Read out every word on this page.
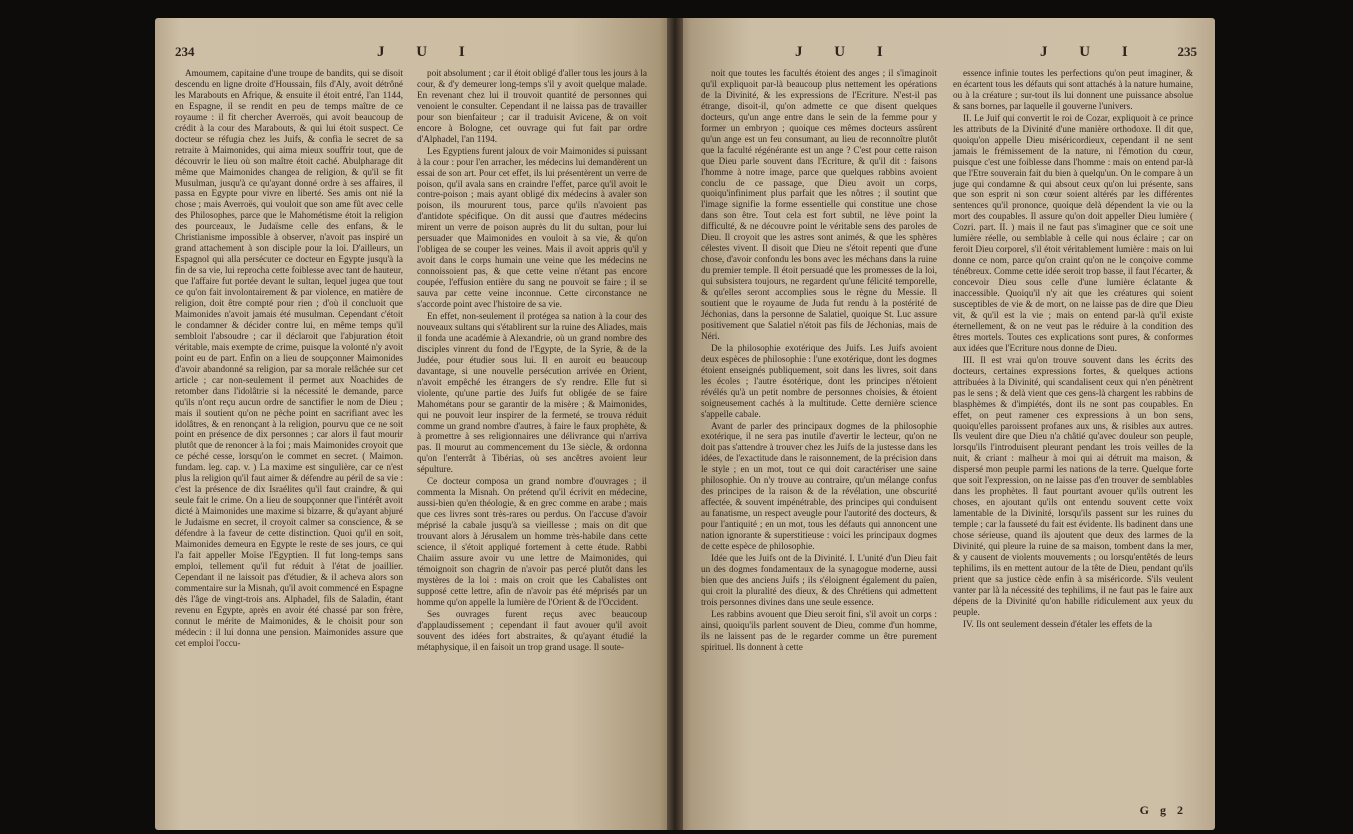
234	J U I

Amoumem, capitaine d'une troupe de bandits, qui se disoit descendu en ligne droite d'Houssain, fils d'Aly, avoit détrôné les Marabouts en Afrique, & ensuite il étoit entré, l'an 1144, en Espagne, il se rendit en peu de temps maître de ce royaume : il fit chercher Averroës, qui avoit beaucoup de crédit à la cour des Marabouts, & qui lui étoit suspect. Ce docteur se réfugia chez les Juifs, & confia le secret de sa retraite à Maimonides, qui aima mieux souffrir tout, que de découvrir le lieu où son maître étoit caché. Abulpharage dit même que Maimonides changea de religion, & qu'il se fit Musulman, jusqu'à ce qu'ayant donné ordre à ses affaires, il passa en Egypte pour vivre en liberté. Ses amis ont nié la chose ; mais Averroës, qui vouloit que son ame fût avec celle des Philosophes, parce que le Mahométisme étoit la religion des pourceaux, le Judaïsme celle des enfans, & le Christianisme impossible à observer, n'avoit pas inspiré un grand attachement à son disciple pour la loi. D'ailleurs, un Espagnol qui alla persécuter ce docteur en Egypte jusqu'à la fin de sa vie, lui reprocha cette foiblesse avec tant de hauteur, que l'affaire fut portée devant le sultan, lequel jugea que tout ce qu'on fait involontairement & par violence, en matière de religion, doit être compté pour rien ; d'où il concluoit que Maimonides n'avoit jamais été musulman. Cependant c'étoit le condamner & décider contre lui, en même temps qu'il sembloit l'absoudre ; car il déclaroit que l'abjuration étoit véritable, mais exempte de crime, puisque la volonté n'y avoit point eu de part. Enfin on a lieu de soupçonner Maimonides d'avoir abandonné sa religion, par sa morale relâchée sur cet article ; car non-seulement il permet aux Noachides de retomber dans l'idolâtrie si la nécessité le demande, parce qu'ils n'ont reçu aucun ordre de sanctifier le nom de Dieu ; mais il soutient qu'on ne pèche point en sacrifiant avec les idolâtres, & en renonçant à la religion, pourvu que ce ne soit point en présence de dix personnes ; car alors il faut mourir plutôt que de renoncer à la foi ; mais Maimonides croyoit que ce péché cesse, lorsqu'on le commet en secret. ( Maimon. fundam. leg. cap. v. ) La maxime est singulière, car ce n'est plus la religion qu'il faut aimer & défendre au péril de sa vie : c'est la présence de dix Israélites qu'il faut craindre, & qui seule fait le crime. On a lieu de soupçonner que l'intérêt avoit dicté à Maimonides une maxime si bizarre, & qu'ayant abjuré le Judaïsme en secret, il croyoit calmer sa conscience, & se défendre à la faveur de cette distinction. Quoi qu'il en soit, Maimonides demeura en Egypte le reste de ses jours, ce qui l'a fait appeller Moïse l'Egyptien. Il fut long-temps sans emploi, tellement qu'il fut réduit à l'état de joaillier. Cependant il ne laissoit pas d'étudier, & il acheva alors son commentaire sur la Misnah, qu'il avoit commencé en Espagne dès l'âge de vingt-trois ans. Alphadel, fils de Saladin, étant revenu en Egypte, après en avoir été chassé par son frère, connut le mérite de Maimonides, & le choisit pour son médecin : il lui donna une pension. Maimonides assure que cet emploi l'occu-

poit absolument ; car il étoit obligé d'aller tous les jours à la cour, & d'y demeurer long-temps s'il y avoit quelque malade. En revenant chez lui il trouvoit quantité de personnes qui venoient le consulter. Cependant il ne laissa pas de travailler pour son bienfaiteur ; car il traduisit Avicene, & on voit encore à Bologne, cet ouvrage qui fut fait par ordre d'Alphadel, l'an 1194.

Les Egyptiens furent jaloux de voir Maimonides si puissant à la cour : pour l'en arracher, les médecins lui demandèrent un essai de son art. Pour cet effet, ils lui présentèrent un verre de poison, qu'il avala sans en craindre l'effet, parce qu'il avoit le contre-poison ; mais ayant obligé dix médecins à avaler son poison, ils moururent tous, parce qu'ils n'avoient pas d'antidote spécifique. On dit aussi que d'autres médecins mirent un verre de poison auprès du lit du sultan, pour lui persuader que Maimonides en vouloit à sa vie, & qu'on l'obligea de se couper les veines. Mais il avoit appris qu'il y avoit dans le corps humain une veine que les médecins ne connoissoient pas, & que cette veine n'étant pas encore coupée, l'effusion entière du sang ne pouvoit se faire ; il se sauva par cette veine inconnue. Cette circonstance ne s'accorde point avec l'histoire de sa vie.

En effet, non-seulement il protégea sa nation à la cour des nouveaux sultans qui s'établirent sur la ruine des Aliades, mais il fonda une académie à Alexandrie, où un grand nombre des disciples vinrent du fond de l'Egypte, de la Syrie, & de la Judée, pour étudier sous lui. Il en auroit eu beaucoup davantage, si une nouvelle persécution arrivée en Orient, n'avoit empêché les étrangers de s'y rendre. Elle fut si violente, qu'une partie des Juifs fut obligée de se faire Mahométans pour se garantir de la misère ; & Maimonides, qui ne pouvoit leur inspirer de la fermeté, se trouva réduit comme un grand nombre d'autres, à faire le faux prophète, & à promettre à ses religionnaires une délivrance qui n'arriva pas. Il mourut au commencement du 13e siècle, & ordonna qu'on l'enterrât à Tibérias, où ses ancêtres avoient leur sépulture.

Ce docteur composa un grand nombre d'ouvrages ; il commenta la Misnah. On prétend qu'il écrivit en médecine, aussi-bien qu'en théologie, & en grec comme en arabe ; mais que ces livres sont très-rares ou perdus. On l'accuse d'avoir méprisé la cabale jusqu'à sa vieillesse ; mais on dit que trouvant alors à Jérusalem un homme très-habile dans cette science, il s'étoit appliqué fortement à cette étude. Rabbi Chaiim assure avoir vu une lettre de Maimonides, qui témoignoit son chagrin de n'avoir pas percé plutôt dans les mystères de la loi : mais on croit que les Cabalistes ont supposé cette lettre, afin de n'avoir pas été méprisés par un homme qu'on appelle la lumière de l'Orient & de l'Occident.

Ses ouvrages furent reçus avec beaucoup d'applaudissement ; cependant il faut avouer qu'il avoit souvent des idées fort abstraites, & qu'ayant étudié la métaphysique, il en faisoit un trop grand usage. Il soute-

J U I	J U I	235

noit que toutes les facultés étoient des anges ; il s'imaginoit qu'il expliquoit par-là beaucoup plus nettement les opérations de la Divinité, & les expressions de l'Ecriture. N'est-il pas étrange, disoit-il, qu'on admette ce que disent quelques docteurs, qu'un ange entre dans le sein de la femme pour y former un embryon ; quoique ces mêmes docteurs assûrent qu'un ange est un feu consumant, au lieu de reconnoître plutôt que la faculté régénérante est un ange ? C'est pour cette raison que Dieu parle souvent dans l'Ecriture, & qu'il dit : faisons l'homme à notre image, parce que quelques rabbins avoient conclu de ce passage, que Dieu avoit un corps, quoiqu'infiniment plus parfait que les nôtres ; il soutint que l'image signifie la forme essentielle qui constitue une chose dans son être. Tout cela est fort subtil, ne lève point la difficulté, & ne découvre point le véritable sens des paroles de Dieu. Il croyoit que les astres sont animés, & que les sphères célestes vivent. Il disoit que Dieu ne s'étoit repenti que d'une chose, d'avoir confondu les bons avec les méchans dans la ruine du premier temple. Il étoit persuadé que les promesses de la loi, qui subsistera toujours, ne regardent qu'une félicité temporelle, & qu'elles seront accomplies sous le règne du Messie. Il soutient que le royaume de Juda fut rendu à la postérité de Jéchonias, dans la personne de Salatiel, quoique St. Luc assure positivement que Salatiel n'étoit pas fils de Jéchonias, mais de Néri.

De la philosophie exotérique des Juifs. Les Juifs avoient deux espèces de philosophie : l'une exotérique, dont les dogmes étoient enseignés publiquement, soit dans les livres, soit dans les écoles ; l'autre ésotérique, dont les principes n'étoient révélés qu'à un petit nombre de personnes choisies, & étoient soigneusement cachés à la multitude. Cette dernière science s'appelle cabale.

Avant de parler des principaux dogmes de la philosophie exotérique, il ne sera pas inutile d'avertir le lecteur, qu'on ne doit pas s'attendre à trouver chez les Juifs de la justesse dans les idées, de l'exactitude dans le raisonnement, de la précision dans le style ; en un mot, tout ce qui doit caractériser une saine philosophie. On n'y trouve au contraire, qu'un mélange confus des principes de la raison & de la révélation, une obscurité affectée, & souvent impénétrable, des principes qui conduisent au fanatisme, un respect aveugle pour l'autorité des docteurs, & pour l'antiquité ; en un mot, tous les défauts qui annoncent une nation ignorante & superstitieuse : voici les principaux dogmes de cette espèce de philosophie.

Idée que les Juifs ont de la Divinité. I. L'unité d'un Dieu fait un des dogmes fondamentaux de la synagogue moderne, aussi bien que des anciens Juifs ; ils s'éloignent également du païen, qui croit la pluralité des dieux, & des Chrétiens qui admettent trois personnes divines dans une seule essence.

Les rabbins avouent que Dieu seroit fini, s'il avoit un corps : ainsi, quoiqu'ils parlent souvent de Dieu, comme d'un homme, ils ne laissent pas de le regarder comme un être purement spirituel. Ils donnent à cette

essence infinie toutes les perfections qu'on peut imaginer, & en écartent tous les défauts qui sont attachés à la nature humaine, ou à la créature ; sur-tout ils lui donnent une puissance absolue & sans bornes, par laquelle il gouverne l'univers.

II. Le Juif qui convertit le roi de Cozar, expliquoit à ce prince les attributs de la Divinité d'une manière orthodoxe. Il dit que, quoiqu'on appelle Dieu miséricordieux, cependant il ne sent jamais le frémissement de la nature, ni l'émotion du cœur, puisque c'est une foiblesse dans l'homme : mais on entend par-là que l'Etre souverain fait du bien à quelqu'un. On le compare à un juge qui condamne & qui absout ceux qu'on lui présente, sans que son esprit ni son cœur soient altérés par les différentes sentences qu'il prononce, quoique delà dépendent la vie ou la mort des coupables. Il assure qu'on doit appeller Dieu lumière ( Cozri. part. II. ) mais il ne faut pas s'imaginer que ce soit une lumière réelle, ou semblable à celle qui nous éclaire ; car on feroit Dieu corporel, s'il étoit véritablement lumière : mais on lui donne ce nom, parce qu'on craint qu'on ne le conçoive comme ténébreux. Comme cette idée seroit trop basse, il faut l'écarter, & concevoir Dieu sous celle d'une lumière éclatante & inaccessible. Quoiqu'il n'y ait que les créatures qui soient susceptibles de vie & de mort, on ne laisse pas de dire que Dieu vit, & qu'il est la vie ; mais on entend par-là qu'il existe éternellement, & on ne veut pas le réduire à la condition des êtres mortels. Toutes ces explications sont pures, & conformes aux idées que l'Ecriture nous donne de Dieu.

III. Il est vrai qu'on trouve souvent dans les écrits des docteurs, certaines expressions fortes, & quelques actions attribuées à la Divinité, qui scandalisent ceux qui n'en pénètrent pas le sens ; & delà vient que ces gens-là chargent les rabbins de blasphèmes & d'impiétés, dont ils ne sont pas coupables. En effet, on peut ramener ces expressions à un bon sens, quoiqu'elles paroissent profanes aux uns, & risibles aux autres. Ils veulent dire que Dieu n'a châtié qu'avec douleur son peuple, lorsqu'ils l'introduisent pleurant pendant les trois veilles de la nuit, & criant : malheur à moi qui ai détruit ma maison, & dispersé mon peuple parmi les nations de la terre. Quelque forte que soit l'expression, on ne laisse pas d'en trouver de semblables dans les prophètes. Il faut pourtant avouer qu'ils outrent les choses, en ajoutant qu'ils ont entendu souvent cette voix lamentable de la Divinité, lorsqu'ils passent sur les ruines du temple ; car la fausseté du fait est évidente. Ils badinent dans une chose sérieuse, quand ils ajoutent que deux des larmes de la Divinité, qui pleure la ruine de sa maison, tombent dans la mer, & y causent de violents mouvements ; ou lorsqu'entêtés de leurs tephilims, ils en mettent autour de la tête de Dieu, pendant qu'ils prient que sa justice cède enfin à sa miséricorde. S'ils veulent vanter par là la nécessité des tephilims, il ne faut pas le faire aux dépens de la Divinité qu'on habille ridiculement aux yeux du peuple.

IV. Ils ont seulement dessein d'étaler les effets de la

G g 2
